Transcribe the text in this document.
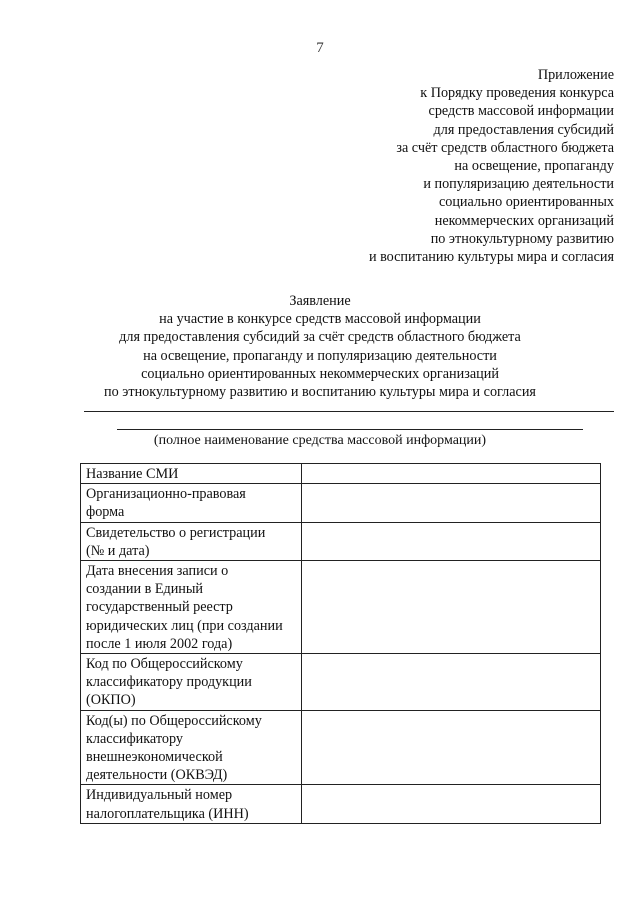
7
Приложение
к Порядку проведения конкурса
средств массовой информации
для предоставления субсидий
за счёт средств областного бюджета
на освещение, пропаганду
и популяризацию деятельности
социально ориентированных
некоммерческих организаций
по этнокультурному развитию
и воспитанию культуры мира и согласия
Заявление
на участие в конкурсе средств массовой информации
для предоставления субсидий за счёт средств областного бюджета
на освещение, пропаганду и популяризацию деятельности
социально ориентированных некоммерческих организаций
по этнокультурному развитию и воспитанию культуры мира и согласия
(полное наименование средства массовой информации)
Название СМИ	

Организационно-правовая
форма	

Свидетельство о регистрации
(№ и дата)	

Дата внесения записи о
создании в Единый
государственный реестр
юридических лиц (при создании
после 1 июля 2002 года)	

Код по Общероссийскому
классификатору продукции
(ОКПО)	

Код(ы) по Общероссийскому
классификатору
внешнеэкономической
деятельности (ОКВЭД)	

Индивидуальный номер
налогоплательщика (ИНН)	
